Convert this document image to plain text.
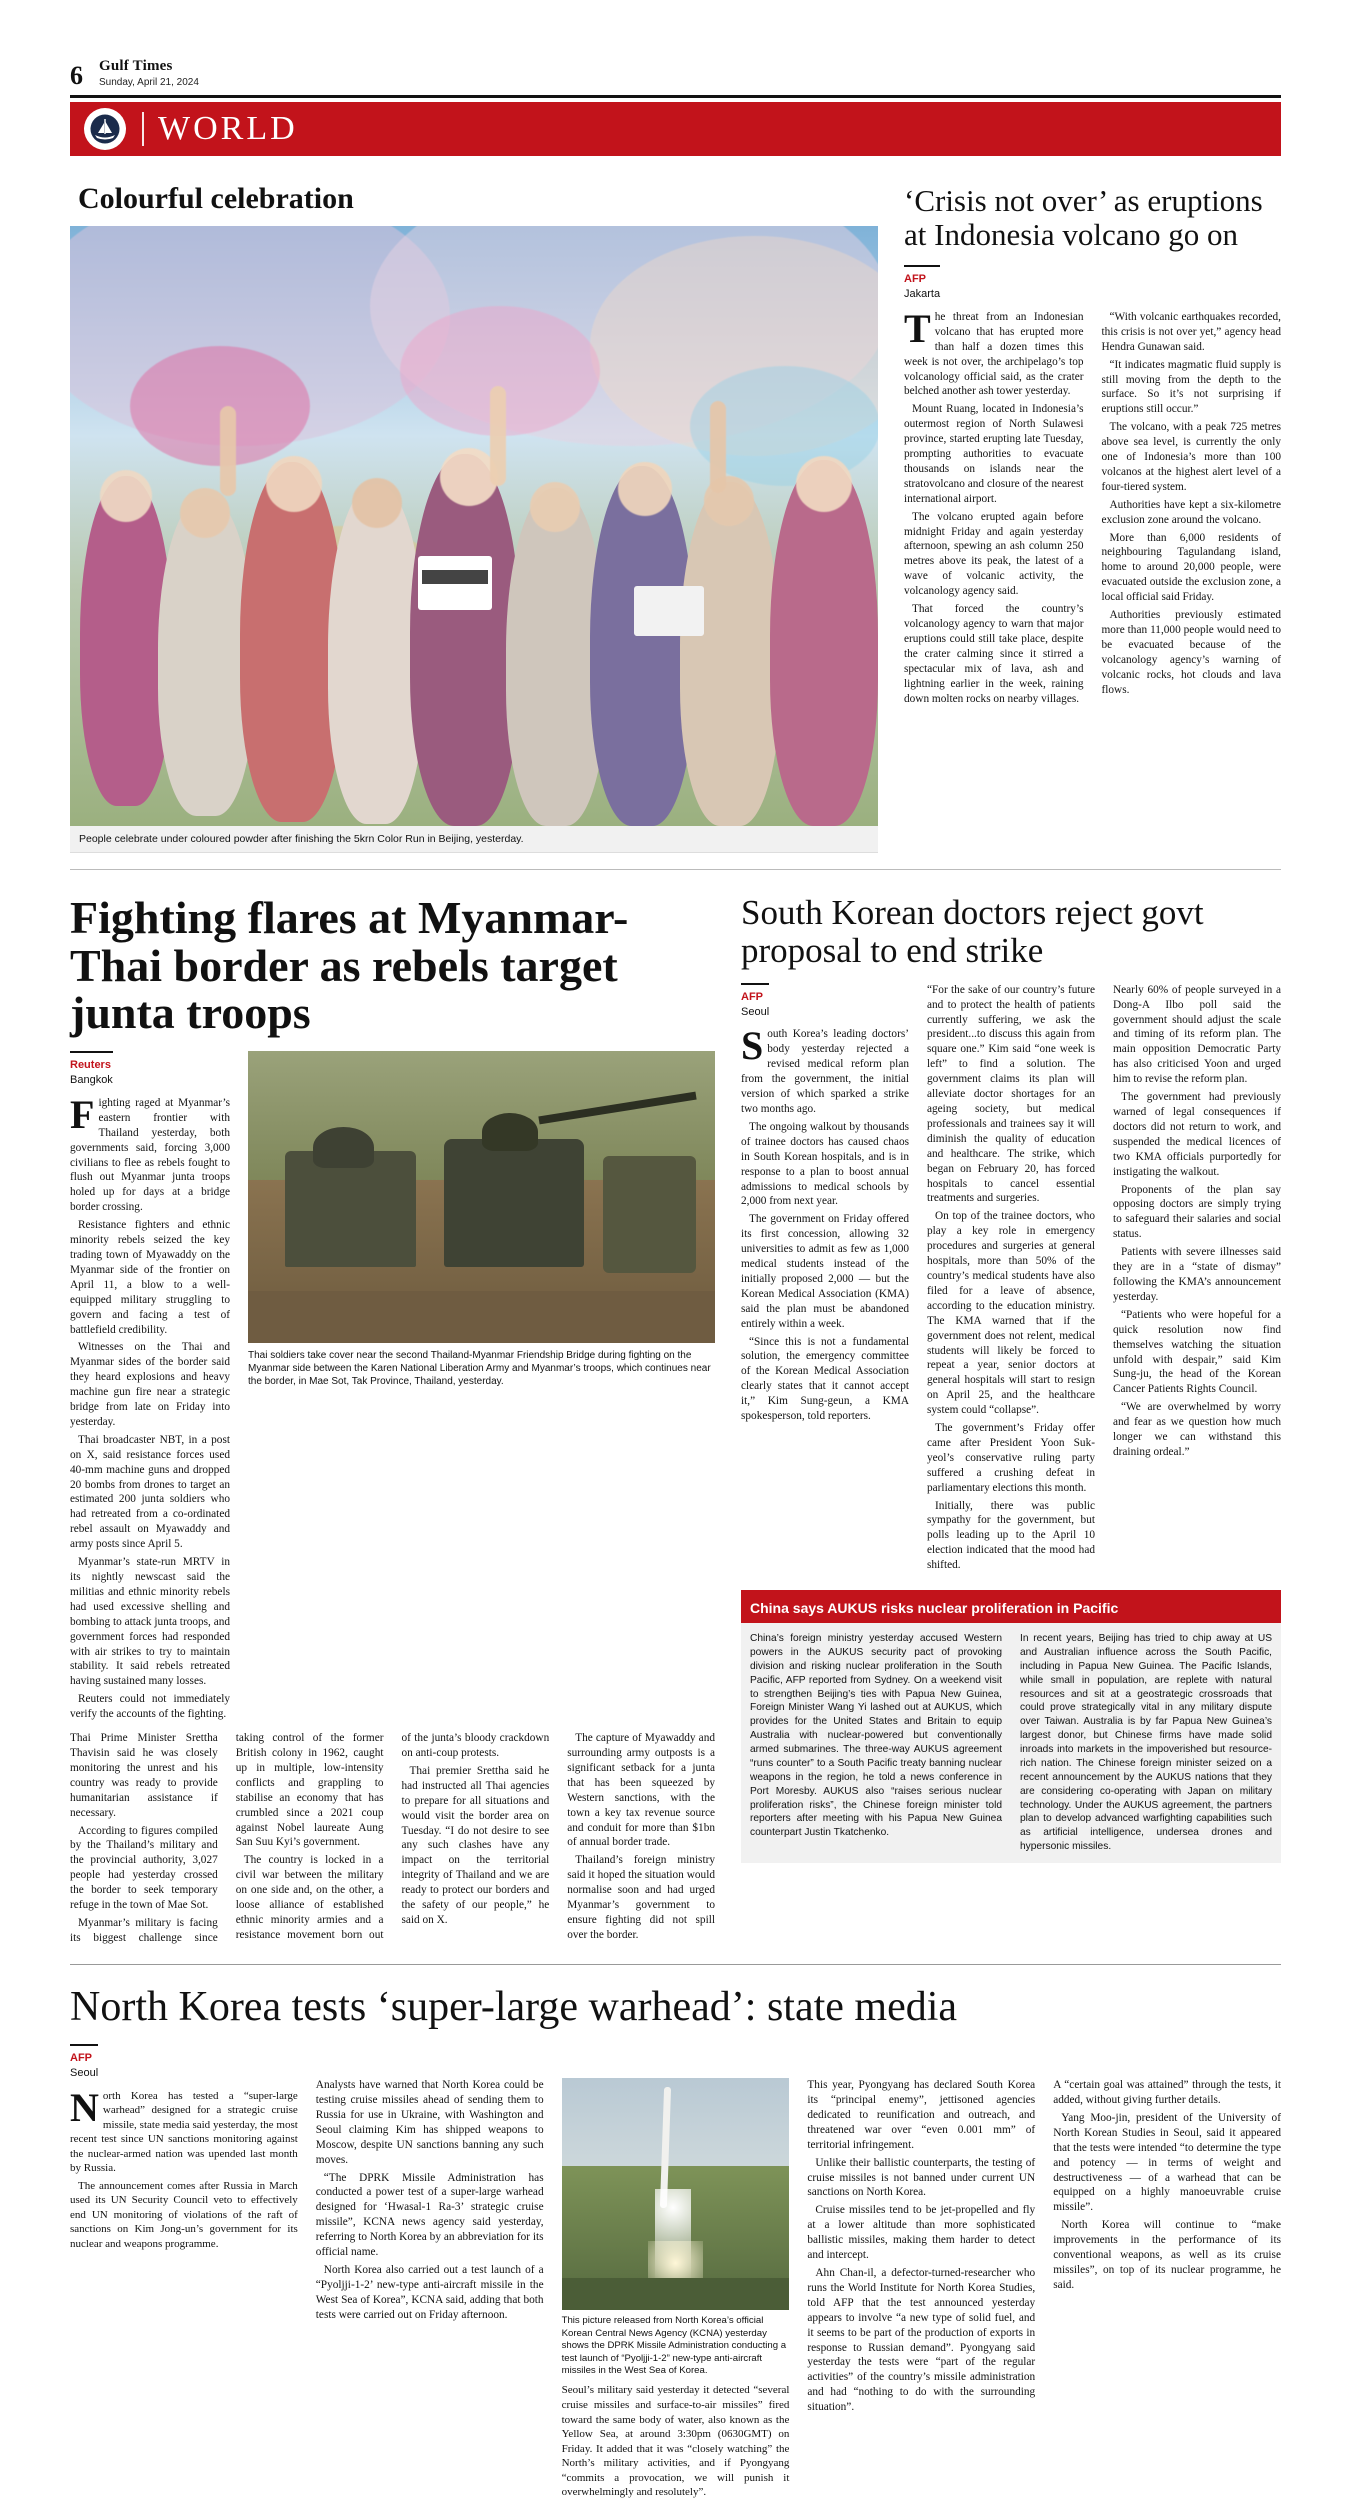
6 Gulf Times
Sunday, April 21, 2024
WORLD
Colourful celebration
People celebrate under coloured powder after finishing the 5krn Color Run in Beijing, yesterday.
‘Crisis not over’ as eruptions at Indonesia volcano go on
AFP
Jakarta

The threat from an Indonesian volcano that has erupted more than half a dozen times this week is not over, the archipelago’s top volcanology official said, as the crater belched another ash tower yesterday.

Mount Ruang, located in Indonesia’s outermost region of North Sulawesi province, started erupting late Tuesday, prompting authorities to evacuate thousands on islands near the stratovolcano and closure of the nearest international airport.

The volcano erupted again before midnight Friday and again yesterday afternoon, spewing an ash column 250 metres above its peak, the latest of a wave of volcanic activity, the volcanology agency said.

That forced the country’s volcanology agency to warn that major eruptions could still take place, despite the crater calming since it stirred a spectacular mix of lava, ash and lightning earlier in the week, raining down molten rocks on nearby villages.

“With volcanic earthquakes recorded, this crisis is not over yet,” agency head Hendra Gunawan said.

“It indicates magmatic fluid supply is still moving from the depth to the surface. So it’s not surprising if eruptions still occur.”

The volcano, with a peak 725 metres above sea level, is currently the only one of Indonesia’s more than 100 volcanos at the highest alert level of a four-tiered system.

Authorities have kept a six-kilometre exclusion zone around the volcano.

More than 6,000 residents of neighbouring Tagulandang island, home to around 20,000 people, were evacuated outside the exclusion zone, a local official said Friday.

Authorities previously estimated more than 11,000 people would need to be evacuated because of the volcanology agency’s warning of volcanic rocks, hot clouds and lava flows.

Fighting flares at Myanmar-Thai border as rebels target junta troops
Reuters
Bangkok

Fighting raged at Myanmar’s eastern frontier with Thailand yesterday, both governments said, forcing 3,000 civilians to flee as rebels fought to flush out Myanmar junta troops holed up for days at a bridge border crossing.

Resistance fighters and ethnic minority rebels seized the key trading town of Myawaddy on the Myanmar side of the frontier on April 11, a blow to a well-equipped military struggling to govern and facing a test of battlefield credibility.

Witnesses on the Thai and Myanmar sides of the border said they heard explosions and heavy machine gun fire near a strategic bridge from late on Friday into yesterday.

Thai broadcaster NBT, in a post on X, said resistance forces used 40-mm machine guns and dropped 20 bombs from drones to target an estimated 200 junta soldiers who had retreated from a co-ordinated rebel assault on Myawaddy and army posts since April 5.

Myanmar’s state-run MRTV in its nightly newscast said the militias and ethnic minority rebels had used excessive shelling and bombing to attack junta troops, and government forces had responded with air strikes to try to maintain stability. It said rebels retreated having sustained many losses.

Reuters could not immediately verify the accounts of the fighting.

Thai soldiers take cover near the second Thailand-Myanmar Friendship Bridge during fighting on the Myanmar side between the Karen National Liberation Army and Myanmar’s troops, which continues near the border, in Mae Sot, Tak Province, Thailand, yesterday.

Thai Prime Minister Srettha Thavisin said he was closely monitoring the unrest and his country was ready to provide humanitarian assistance if necessary.

According to figures compiled by the Thailand’s military and the provincial authority, 3,027 people had yesterday crossed the border to seek temporary refuge in the town of Mae Sot.

Myanmar’s military is facing its biggest challenge since taking control of the former British colony in 1962, caught up in multiple, low-intensity conflicts and grappling to stabilise an economy that has crumbled since a 2021 coup against Nobel laureate Aung San Suu Kyi’s government.

The country is locked in a civil war between the military on one side and, on the other, a loose alliance of established ethnic minority armies and a resistance movement born out of the junta’s bloody crackdown on anti-coup protests.

Thai premier Srettha said he had instructed all Thai agencies to prepare for all situations and would visit the border area on Tuesday. “I do not desire to see any such clashes have any impact on the territorial integrity of Thailand and we are ready to protect our borders and the safety of our people,” he said on X.

The capture of Myawaddy and surrounding army outposts is a significant setback for a junta that has been squeezed by Western sanctions, with the town a key tax revenue source and conduit for more than $1bn of annual border trade.

Thailand’s foreign ministry said it hoped the situation would normalise soon and had urged Myanmar’s government to ensure fighting did not spill over the border.

South Korean doctors reject govt proposal to end strike
AFP
Seoul

South Korea’s leading doctors’ body yesterday rejected a revised medical reform plan from the government, the initial version of which sparked a strike two months ago.

The ongoing walkout by thousands of trainee doctors has caused chaos in South Korean hospitals, and is in response to a plan to boost annual admissions to medical schools by 2,000 from next year.

The government on Friday offered its first concession, allowing 32 universities to admit as few as 1,000 medical students instead of the initially proposed 2,000 — but the Korean Medical Association (KMA) said the plan must be abandoned entirely within a week.

“Since this is not a fundamental solution, the emergency committee of the Korean Medical Association clearly states that it cannot accept it,” Kim Sung-geun, a KMA spokesperson, told reporters.

“For the sake of our country’s future and to protect the health of patients currently suffering, we ask the president...to discuss this again from square one.” Kim said “one week is left” to find a solution. The government claims its plan will alleviate doctor shortages for an ageing society, but medical professionals and trainees say it will diminish the quality of education and healthcare. The strike, which began on February 20, has forced hospitals to cancel essential treatments and surgeries.

On top of the trainee doctors, who play a key role in emergency procedures and surgeries at general hospitals, more than 50% of the country’s medical students have also filed for a leave of absence, according to the education ministry. The KMA warned that if the government does not relent, medical students will likely be forced to repeat a year, senior doctors at general hospitals will start to resign on April 25, and the healthcare system could “collapse”.

The government’s Friday offer came after President Yoon Suk-yeol’s conservative ruling party suffered a crushing defeat in parliamentary elections this month.

Initially, there was public sympathy for the government, but polls leading up to the April 10 election indicated that the mood had shifted.

Nearly 60% of people surveyed in a Dong-A Ilbo poll said the government should adjust the scale and timing of its reform plan. The main opposition Democratic Party has also criticised Yoon and urged him to revise the reform plan.

The government had previously warned of legal consequences if doctors did not return to work, and suspended the medical licences of two KMA officials purportedly for instigating the walkout.

Proponents of the plan say opposing doctors are simply trying to safeguard their salaries and social status.

Patients with severe illnesses said they are in a “state of dismay” following the KMA’s announcement yesterday.

“Patients who were hopeful for a quick resolution now find themselves watching the situation unfold with despair,” said Kim Sung-ju, the head of the Korean Cancer Patients Rights Council.

“We are overwhelmed by worry and fear as we question how much longer we can withstand this draining ordeal.”

China says AUKUS risks nuclear proliferation in Pacific

China’s foreign ministry yesterday accused Western powers in the AUKUS security pact of provoking division and risking nuclear proliferation in the South Pacific, AFP reported from Sydney. On a weekend visit to strengthen Beijing’s ties with Papua New Guinea, Foreign Minister Wang Yi lashed out at AUKUS, which provides for the United States and Britain to equip Australia with nuclear-powered but conventionally armed submarines. The three-way AUKUS agreement “runs counter” to a South Pacific treaty banning nuclear weapons in the region, he told a news conference in Port Moresby. AUKUS also “raises serious nuclear proliferation risks”, the Chinese foreign minister told reporters after meeting with his Papua New Guinea counterpart Justin Tkatchenko.

In recent years, Beijing has tried to chip away at US and Australian influence across the South Pacific, including in Papua New Guinea. The Pacific Islands, while small in population, are replete with natural resources and sit at a geostrategic crossroads that could prove strategically vital in any military dispute over Taiwan. Australia is by far Papua New Guinea’s largest donor, but Chinese firms have made solid inroads into markets in the impoverished but resource-rich nation. The Chinese foreign minister seized on a recent announcement by the AUKUS nations that they are considering co-operating with Japan on military technology. Under the AUKUS agreement, the partners plan to develop advanced warfighting capabilities such as artificial intelligence, undersea drones and hypersonic missiles.

North Korea tests ‘super-large warhead’: state media
AFP
Seoul

North Korea has tested a “super-large warhead” designed for a strategic cruise missile, state media said yesterday, the most recent test since UN sanctions monitoring against the nuclear-armed nation was upended last month by Russia.

The announcement comes after Russia in March used its UN Security Council veto to effectively end UN monitoring of violations of the raft of sanctions on Kim Jong-un’s government for its nuclear and weapons programme.

Analysts have warned that North Korea could be testing cruise missiles ahead of sending them to Russia for use in Ukraine, with Washington and Seoul claiming Kim has shipped weapons to Moscow, despite UN sanctions banning any such moves.

“The DPRK Missile Administration has conducted a power test of a super-large warhead designed for ‘Hwasal-1 Ra-3’ strategic cruise missile”, KCNA news agency said yesterday, referring to North Korea by an abbreviation for its official name.

North Korea also carried out a test launch of a “Pyoljji-1-2’ new-type anti-aircraft missile in the West Sea of Korea”, KCNA said, adding that both tests were carried out on Friday afternoon.	This picture released from North Korea’s official Korean Central News Agency (KCNA) yesterday shows the DPRK Missile Administration conducting a test launch of “Pyoljji-1-2” new-type anti-aircraft missiles in the West Sea of Korea.

Seoul’s military said yesterday it detected “several cruise missiles and surface-to-air missiles” fired toward the same body of water, also known as the Yellow Sea, at around 3:30pm (0630GMT) on Friday. It added that it was “closely watching” the North’s military activities, and if Pyongyang “commits a provocation, we will punish it overwhelmingly and resolutely”.

This year, Pyongyang has declared South Korea its “principal enemy”, jettisoned agencies dedicated to reunification and outreach, and threatened war over “even 0.001 mm” of territorial infringement.

Unlike their ballistic counterparts, the testing of cruise missiles is not banned under current UN sanctions on North Korea.

Cruise missiles tend to be jet-propelled and fly at a lower altitude than more sophisticated ballistic missiles, making them harder to detect and intercept.

Ahn Chan-il, a defector-turned-researcher who runs the World Institute for North Korea Studies, told AFP that the test announced yesterday appears to involve “a new type of solid fuel, and it seems to be part of the production of exports in response to Russian demand”. Pyongyang said yesterday the tests were “part of the regular activities” of the country’s missile administration and had “nothing to do with the surrounding situation”.

A “certain goal was attained” through the tests, it added, without giving further details.

Yang Moo-jin, president of the University of North Korean Studies in Seoul, said it appeared that the tests were intended “to determine the type and potency — in terms of weight and destructiveness — of a warhead that can be equipped on a highly manoeuvrable cruise missile”.

North Korea will continue to “make improvements in the performance of its conventional weapons, as well as its cruise missiles”, on top of its nuclear programme, he said.
